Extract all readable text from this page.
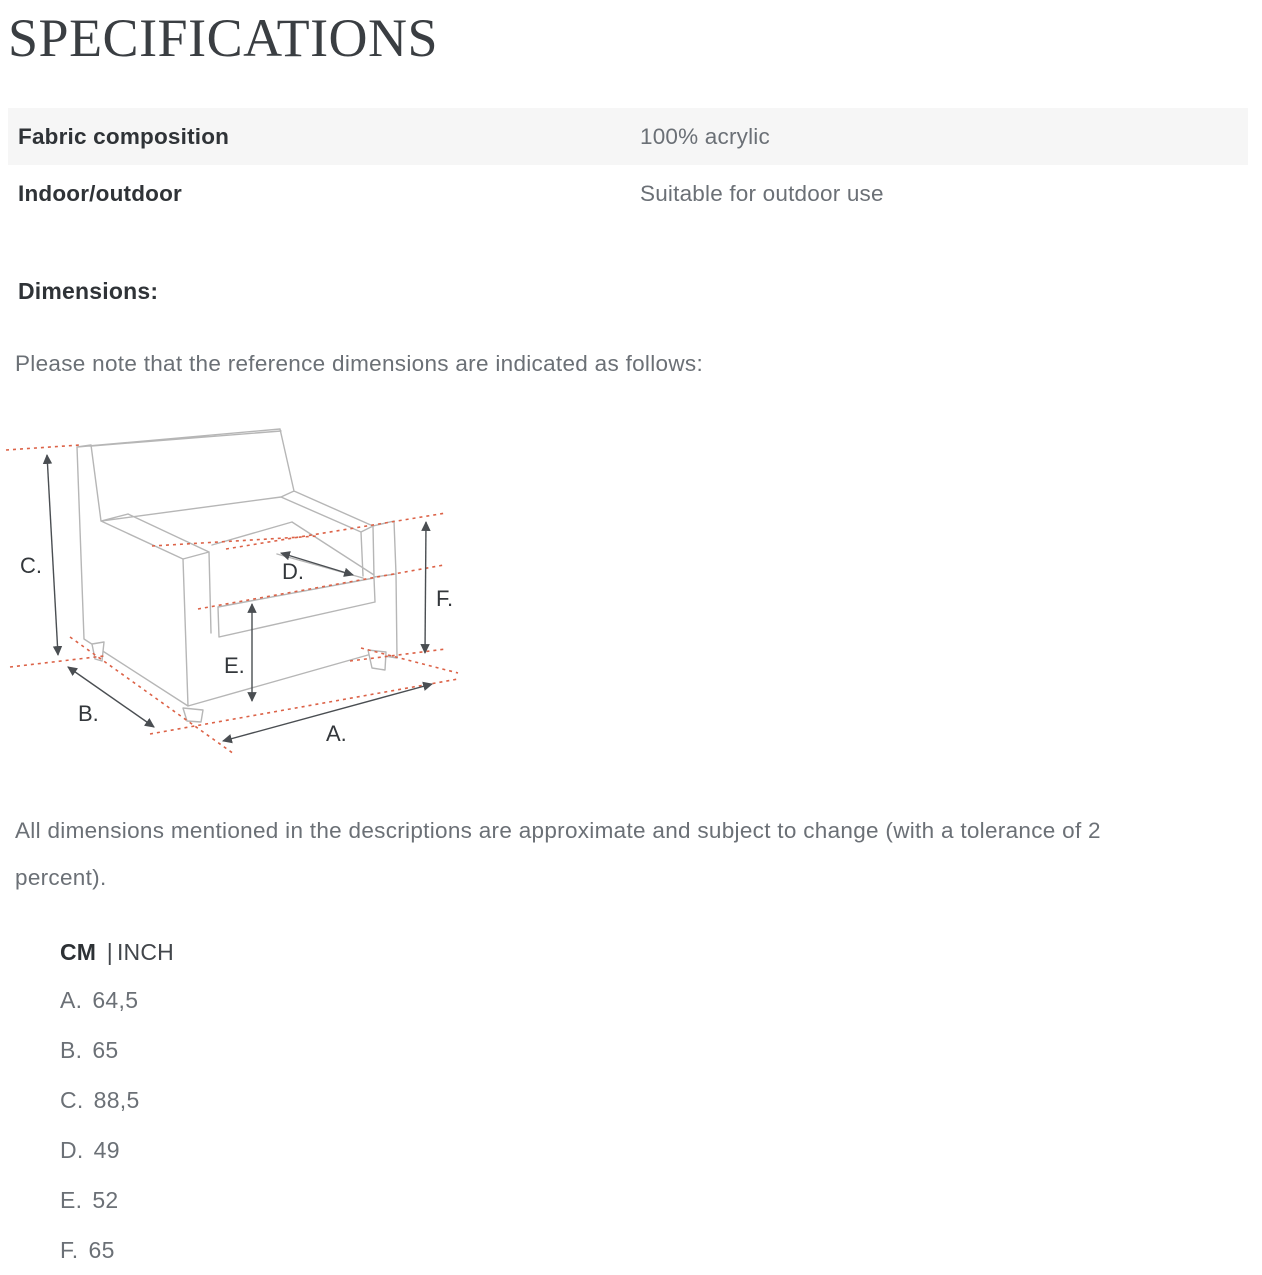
SPECIFICATIONS
Fabric composition	100% acrylic
Indoor/outdoor	Suitable for outdoor use
Dimensions:
Please note that the reference dimensions are indicated as follows:
A.
B.
C.	D.
E.
F.
All dimensions mentioned in the descriptions are approximate and subject to change (with a tolerance of 2 percent).
CM | INCH
A. 64,5
B. 65
C. 88,5
D. 49
E. 52
F. 65
